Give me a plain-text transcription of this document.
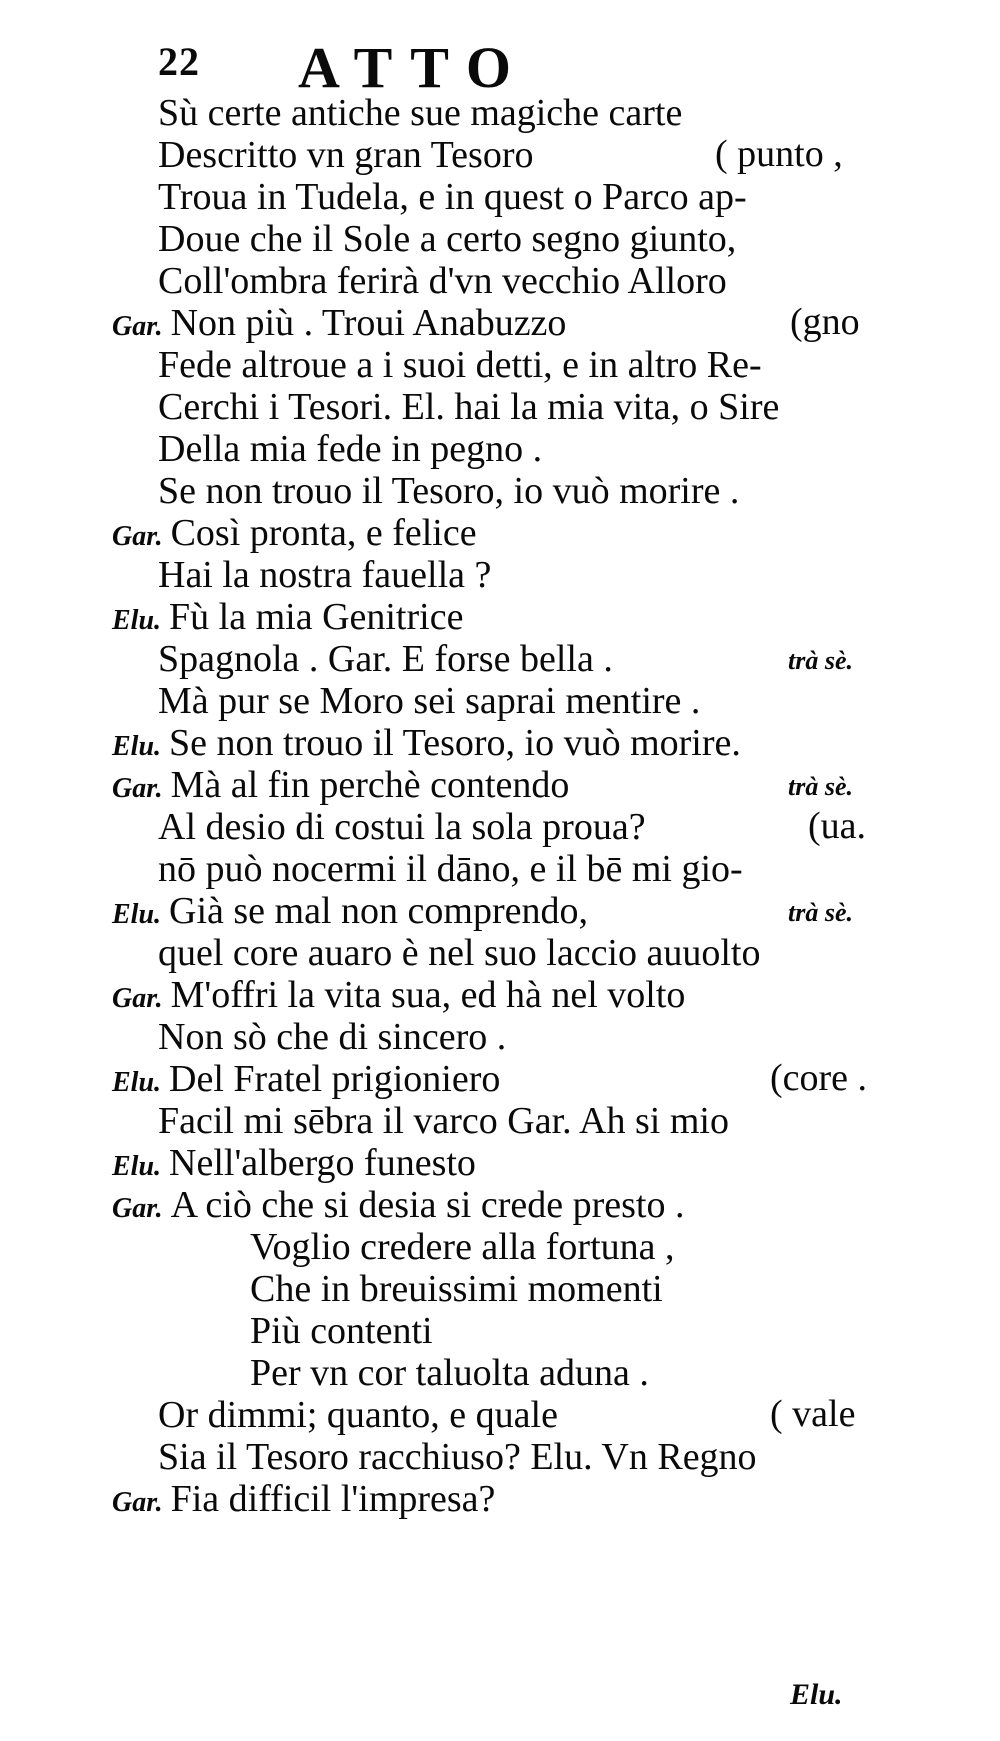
22 ATTO
Sù certe antiche sue magiche carte
Descritto vn gran Tesoro	( punto ,
Troua in Tudela, e in quest o Parco ap-
Doue che il Sole a certo segno giunto,
Coll'ombra ferirà d'vn vecchio Alloro
Gar. Non più . Troui Anabuzzo	(gno
Fede altroue a i suoi detti, e in altro Re-
Cerchi i Tesori. El. hai la mia vita, o Sire
Della mia fede in pegno .
Se non trouo il Tesoro, io vuò morire .
Gar. Così pronta, e felice
Hai la nostra fauella ?
Elu. Fù la mia Genitrice
Spagnola . Gar. E forse bella .	trà sè.
Mà pur se Moro sei saprai mentire .
Elu. Se non trouo il Tesoro, io vuò morire.
Gar. Mà al fin perchè contendo	trà sè.
Al desio di costui la sola proua?	(ua.
nō può nocermi il dāno, e il bē mi gio-
Elu. Già se mal non comprendo,	trà sè.
quel core auaro è nel suo laccio auuolto
Gar. M'offri la vita sua, ed hà nel volto
Non sò che di sincero .
Elu. Del Fratel prigioniero	(core .
Facil mi sēbra il varco Gar. Ah si mio
Elu. Nell'albergo funesto
Gar. A ciò che si desia si crede presto .
Voglio credere alla fortuna ,
Che in breuissimi momenti
Più contenti
Per vn cor taluolta aduna .
Or dimmi; quanto, e quale	( vale
Sia il Tesoro racchiuso? Elu. Vn Regno
Gar. Fia difficil l'impresa?
Elu.
